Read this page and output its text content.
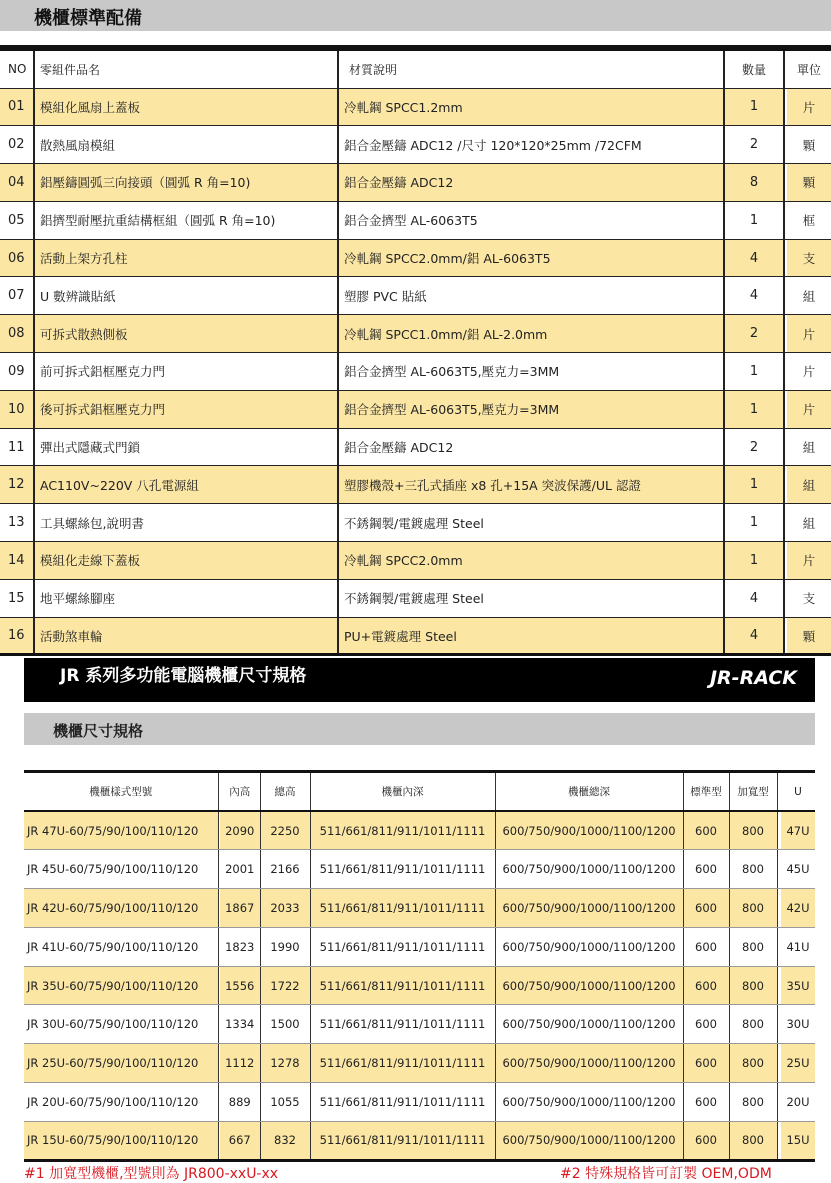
機櫃標準配備
NO	零組件品名	材質說明	數量		單位
01	模組化風扇上蓋板	冷軋鋼 SPCC1.2mm	1		片
02	散熱風扇模組	鋁合金壓鑄 ADC12 /尺寸 120*120*25mm /72CFM	2		顆
04	鋁壓鑄圓弧三向接頭（圓弧 R 角=10)	鋁合金壓鑄 ADC12	8		顆
05	鋁擠型耐壓抗重結構框組（圓弧 R 角=10)	鋁合金擠型 AL-6063T5	1		框
06	活動上架方孔柱	冷軋鋼 SPCC2.0mm/鋁 AL-6063T5	4		支
07	U 數辨識貼紙	塑膠 PVC 貼紙	4		組
08	可拆式散熱側板	冷軋鋼 SPCC1.0mm/鋁 AL-2.0mm	2		片
09	前可拆式鋁框壓克力門	鋁合金擠型 AL-6063T5,壓克力=3MM	1		片
10	後可拆式鋁框壓克力門	鋁合金擠型 AL-6063T5,壓克力=3MM	1		片
11	彈出式隱藏式門鎖	鋁合金壓鑄 ADC12	2		組
12	AC110V~220V 八孔電源組	塑膠機殼+三孔式插座 x8 孔+15A 突波保護/UL 認證	1		組
13	工具螺絲包,說明書	不銹鋼製/電鍍處理 Steel	1		組
14	模組化走線下蓋板	冷軋鋼 SPCC2.0mm	1		片
15	地平螺絲腳座	不銹鋼製/電鍍處理 Steel	4		支
16	活動煞車輪	PU+電鍍處理 Steel	4		顆
JR 系列多功能電腦機櫃尺寸規格	JR-RACK
機櫃尺寸規格
機櫃樣式型號		內高	總高	機櫃內深	機櫃總深	標準型	加寬型		U
JR 47U-60/75/90/100/110/120		2090	2250	511/661/811/911/1011/1111	600/750/900/1000/1100/1200	600	800		47U
JR 45U-60/75/90/100/110/120		2001	2166	511/661/811/911/1011/1111	600/750/900/1000/1100/1200	600	800		45U
JR 42U-60/75/90/100/110/120		1867	2033	511/661/811/911/1011/1111	600/750/900/1000/1100/1200	600	800		42U
JR 41U-60/75/90/100/110/120		1823	1990	511/661/811/911/1011/1111	600/750/900/1000/1100/1200	600	800		41U
JR 35U-60/75/90/100/110/120		1556	1722	511/661/811/911/1011/1111	600/750/900/1000/1100/1200	600	800		35U
JR 30U-60/75/90/100/110/120		1334	1500	511/661/811/911/1011/1111	600/750/900/1000/1100/1200	600	800		30U
JR 25U-60/75/90/100/110/120		1112	1278	511/661/811/911/1011/1111	600/750/900/1000/1100/1200	600	800		25U
JR 20U-60/75/90/100/110/120		889	1055	511/661/811/911/1011/1111	600/750/900/1000/1100/1200	600	800		20U
JR 15U-60/75/90/100/110/120		667	832	511/661/811/911/1011/1111	600/750/900/1000/1100/1200	600	800		15U
#1 加寬型機櫃,型號則為 JR800-xxU-xx	#2 特殊規格皆可訂製 OEM,ODM
